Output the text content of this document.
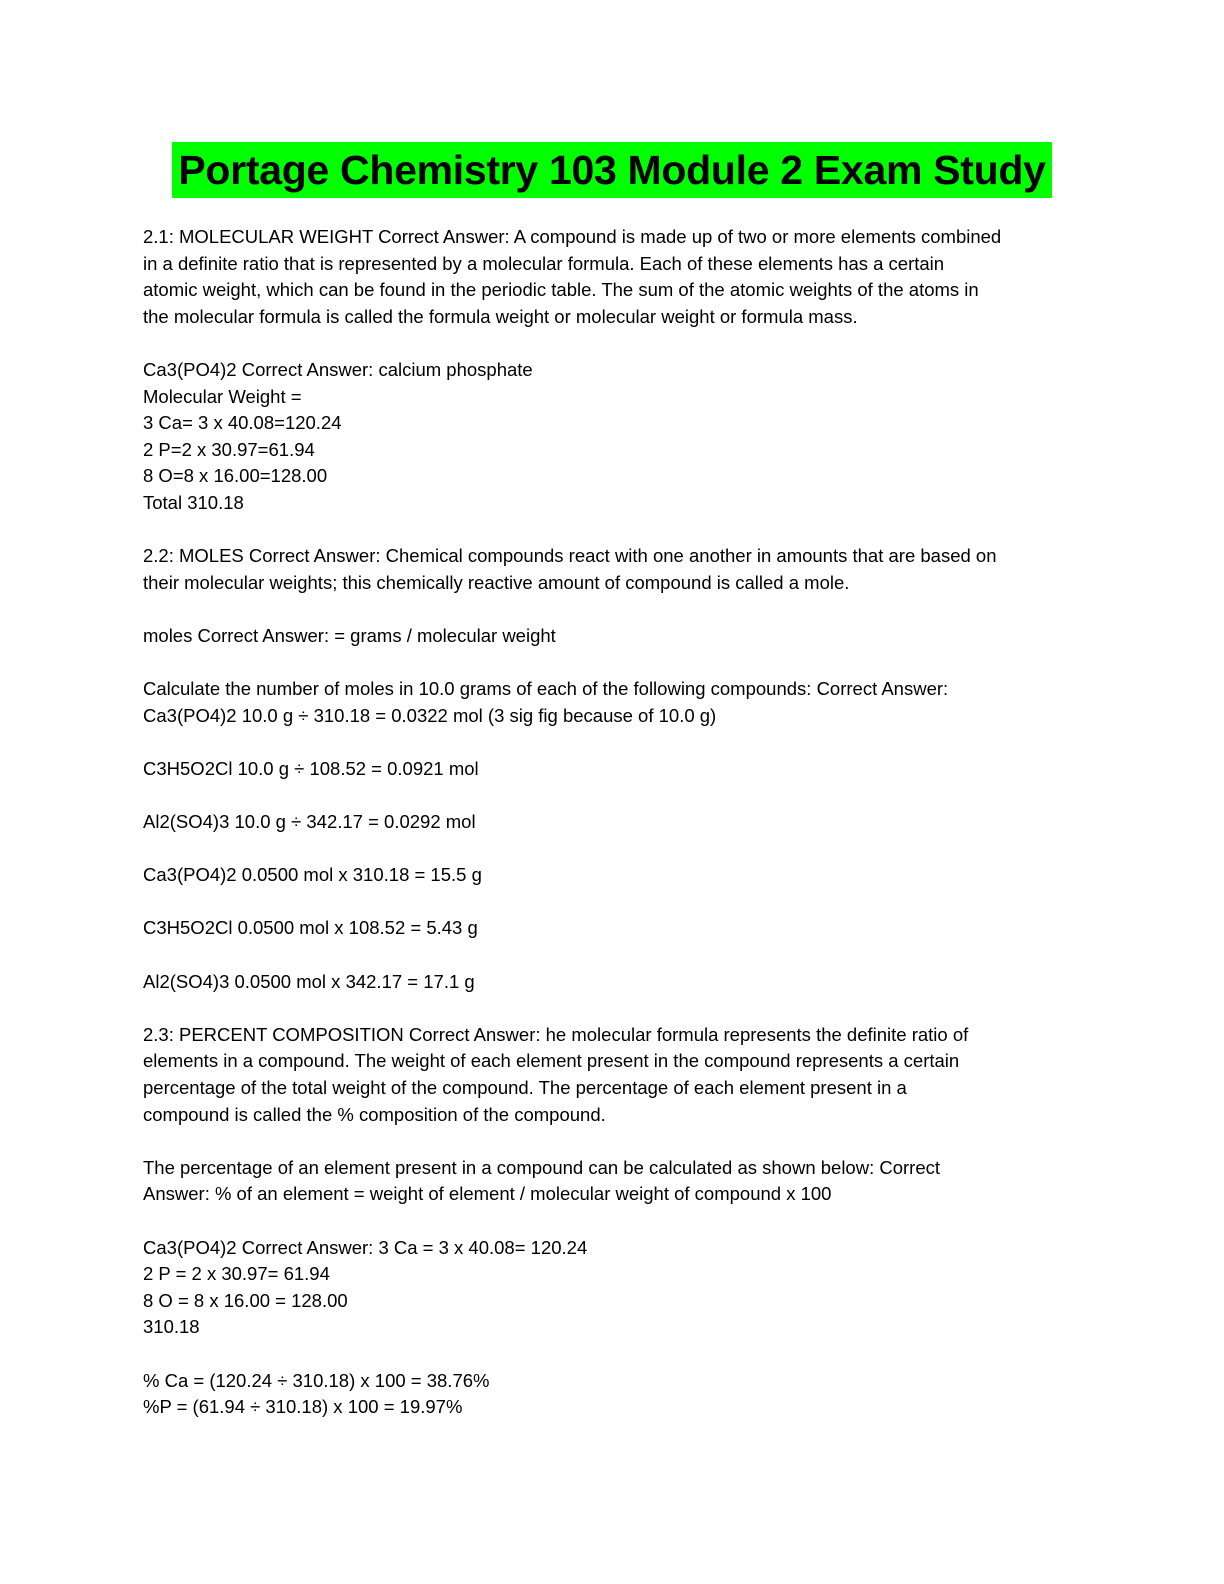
Portage Chemistry 103 Module 2 Exam Study
2.1: MOLECULAR WEIGHT Correct Answer: A compound is made up of two or more elements combined
in a definite ratio that is represented by a molecular formula. Each of these elements has a certain
atomic weight, which can be found in the periodic table. The sum of the atomic weights of the atoms in
the molecular formula is called the formula weight or molecular weight or formula mass.
Ca3(PO4)2 Correct Answer: calcium phosphate
Molecular Weight =
3 Ca= 3 x 40.08=120.24
2 P=2 x 30.97=61.94
8 O=8 x 16.00=128.00
Total 310.18
2.2: MOLES Correct Answer: Chemical compounds react with one another in amounts that are based on
their molecular weights; this chemically reactive amount of compound is called a mole.
moles Correct Answer: = grams / molecular weight
Calculate the number of moles in 10.0 grams of each of the following compounds: Correct Answer:
Ca3(PO4)2 10.0 g ÷ 310.18 = 0.0322 mol (3 sig fig because of 10.0 g)
C3H5O2Cl 10.0 g ÷ 108.52 = 0.0921 mol
Al2(SO4)3 10.0 g ÷ 342.17 = 0.0292 mol
Ca3(PO4)2 0.0500 mol x 310.18 = 15.5 g
C3H5O2Cl 0.0500 mol x 108.52 = 5.43 g
Al2(SO4)3 0.0500 mol x 342.17 = 17.1 g
2.3: PERCENT COMPOSITION Correct Answer: he molecular formula represents the definite ratio of
elements in a compound. The weight of each element present in the compound represents a certain
percentage of the total weight of the compound. The percentage of each element present in a
compound is called the % composition of the compound.
The percentage of an element present in a compound can be calculated as shown below: Correct
Answer: % of an element = weight of element / molecular weight of compound x 100
Ca3(PO4)2 Correct Answer: 3 Ca = 3 x 40.08= 120.24
2 P = 2 x 30.97= 61.94
8 O = 8 x 16.00 = 128.00
310.18
% Ca = (120.24 ÷ 310.18) x 100 = 38.76%
%P = (61.94 ÷ 310.18) x 100 = 19.97%
